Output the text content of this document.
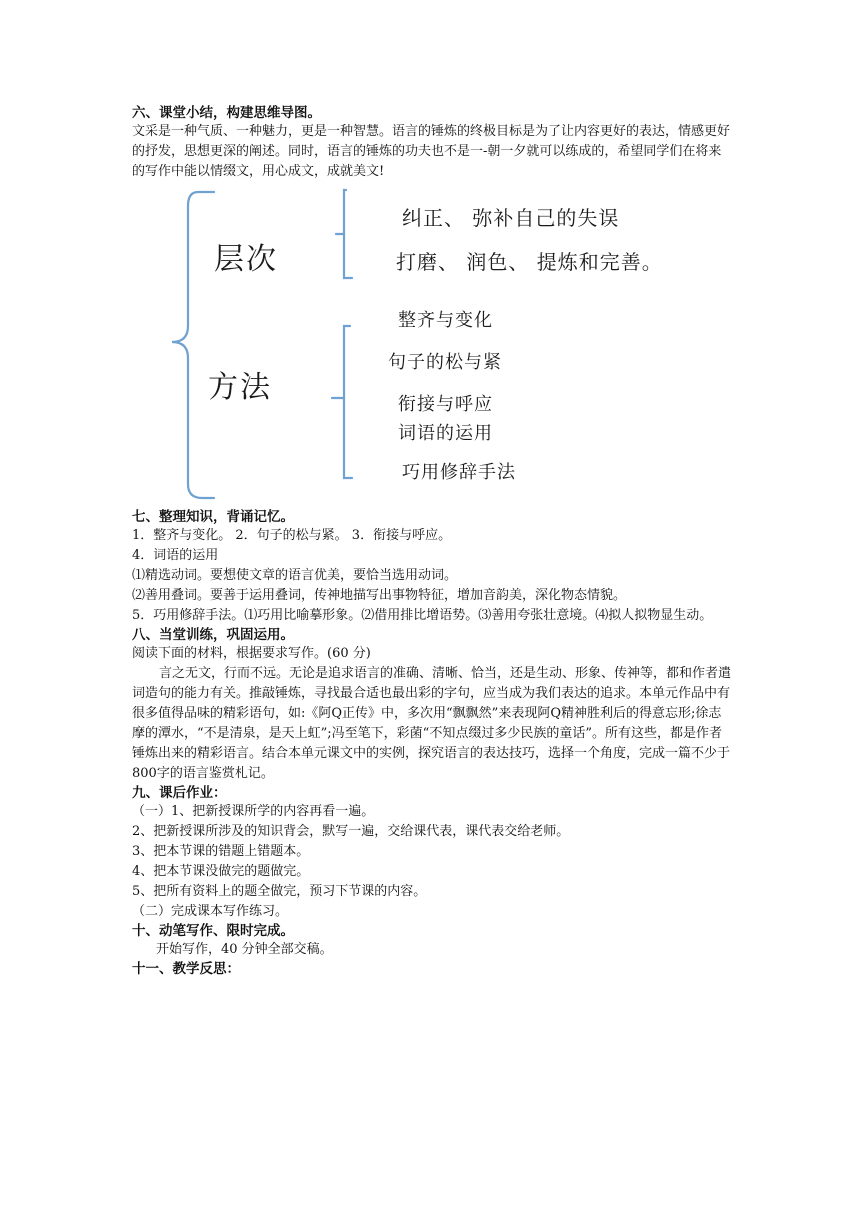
六、课堂小结，构建思维导图。

文采是一种气质、一种魅力，更是一种智慧。语言的锤炼的终极目标是为了让内容更好的表达，情感更好的抒发，思想更深的阐述。同时，语言的锤炼的功夫也不是一-朝一夕就可以练成的，希望同学们在将来的写作中能以情缀文，用心成文，成就美文!

层次
纠正、 弥补自己的失误
打磨、 润色、 提炼和完善。
方法
整齐与变化
句子的松与紧
衔接与呼应
词语的运用
巧用修辞手法

七、整理知识，背诵记忆。

1．整齐与变化。 2．句子的松与紧。 3．衔接与呼应。

4．词语的运用

⑴精选动词。要想使文章的语言优美，要恰当选用动词。

⑵善用叠词。要善于运用叠词，传神地描写出事物特征，增加音韵美，深化物态情貌。

5．巧用修辞手法。⑴巧用比喻摹形象。⑵借用排比增语势。⑶善用夸张壮意境。⑷拟人拟物显生动。

八、当堂训练，巩固运用。

阅读下面的材料，根据要求写作。(60 分)

言之无文，行而不远。无论是追求语言的准确、清晰、恰当，还是生动、形象、传神等，都和作者遣词造句的能力有关。推敲锤炼，寻找最合适也最出彩的字句，应当成为我们表达的追求。本单元作品中有很多值得品味的精彩语句，如:《阿Q正传》中，多次用“飘飘然”来表现阿Q精神胜利后的得意忘形;徐志摩的潭水，“不是清泉，是天上虹”;冯至笔下，彩菌“不知点缀过多少民族的童话”。所有这些，都是作者锤炼出来的精彩语言。结合本单元课文中的实例，探究语言的表达技巧，选择一个角度，完成一篇不少于800字的语言鉴赏札记。

九、课后作业：

（一）1、把新授课所学的内容再看一遍。

2、把新授课所涉及的知识背会，默写一遍，交给课代表，课代表交给老师。

3、把本节课的错题上错题本。

4、把本节课没做完的题做完。

5、把所有资料上的题全做完，预习下节课的内容。

（二）完成课本写作练习。

十、动笔写作、限时完成。

开始写作，40 分钟全部交稿。

十一、教学反思：
